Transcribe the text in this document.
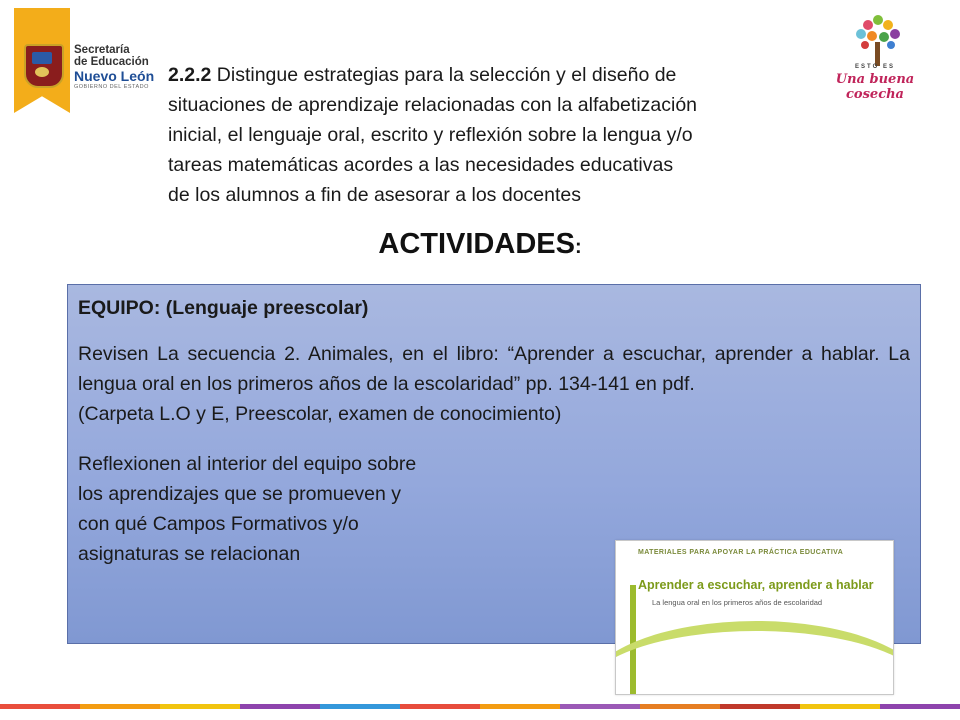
Secretaría
de Educación
Nuevo León
GOBIERNO DEL ESTADO
ESTO ES
Una buena cosecha
2.2.2 Distingue estrategias para la selección y el diseño de
situaciones de aprendizaje relacionadas con la alfabetización
inicial, el lenguaje oral, escrito y reflexión sobre la lengua y/o
tareas matemáticas acordes a las necesidades educativas
de los alumnos a fin de asesorar a los docentes
ACTIVIDADES:
EQUIPO: (Lenguaje preescolar)
Revisen La secuencia 2. Animales, en el libro: “Aprender a escuchar, aprender a hablar. La lengua oral en los primeros años de la escolaridad” pp. 134-141 en pdf.
(Carpeta L.O y E, Preescolar, examen de conocimiento)
Reflexionen al interior del equipo sobre
los aprendizajes que se promueven y
con qué Campos Formativos y/o
asignaturas se relacionan	MATERIALES PARA APOYAR LA PRÁCTICA EDUCATIVA
Aprender a escuchar, aprender a hablar
La lengua oral en los primeros años de escolaridad
